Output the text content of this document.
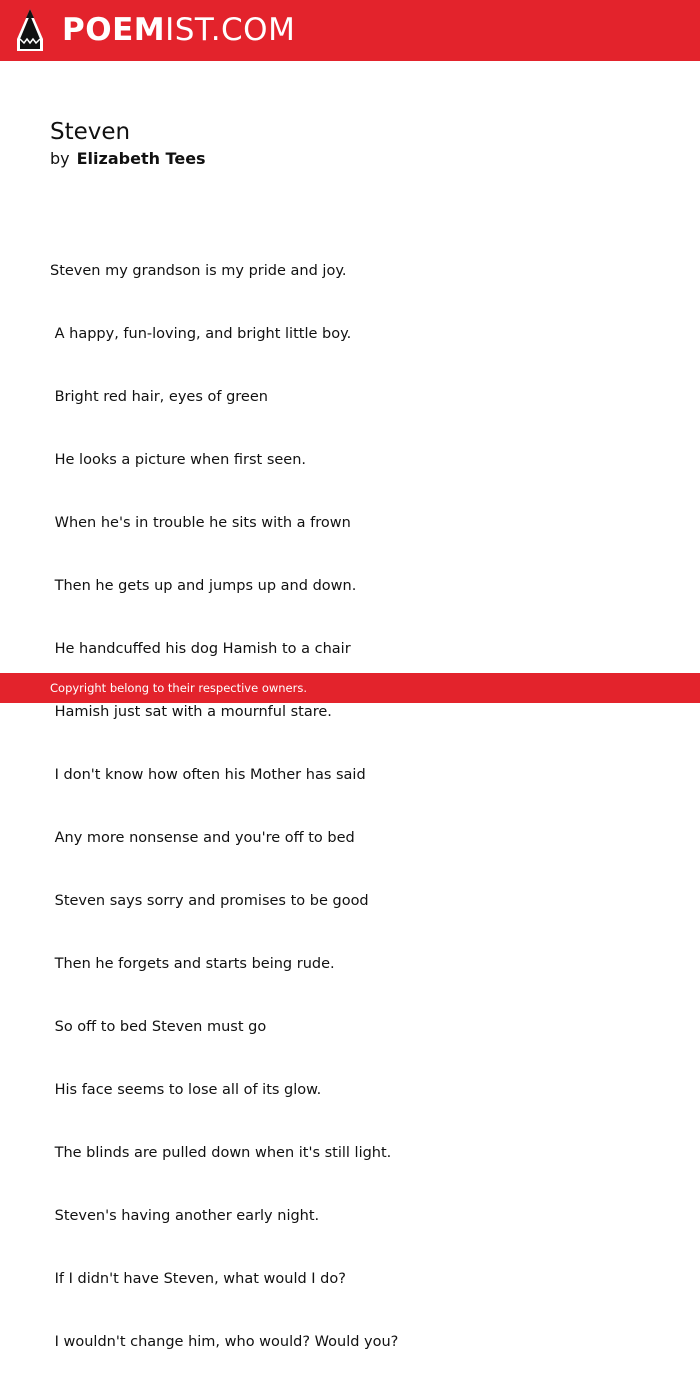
POEMIST.COM
Steven
by Elizabeth Tees

Steven my grandson is my pride and joy.

A happy, fun-loving, and bright little boy.

Bright red hair, eyes of green

He looks a picture when first seen.

When he's in trouble he sits with a frown

Then he gets up and jumps up and down.

He handcuffed his dog Hamish to a chair

Hamish just sat with a mournful stare.

I don't know how often his Mother has said

Any more nonsense and you're off to bed

Steven says sorry and promises to be good

Then he forgets and starts being rude.

So off to bed Steven must go

His face seems to lose all of its glow.

The blinds are pulled down when it's still light.

Steven's having another early night.

If I didn't have Steven, what would I do?

I wouldn't change him, who would? Would you?

Copyright belong to their respective owners.
